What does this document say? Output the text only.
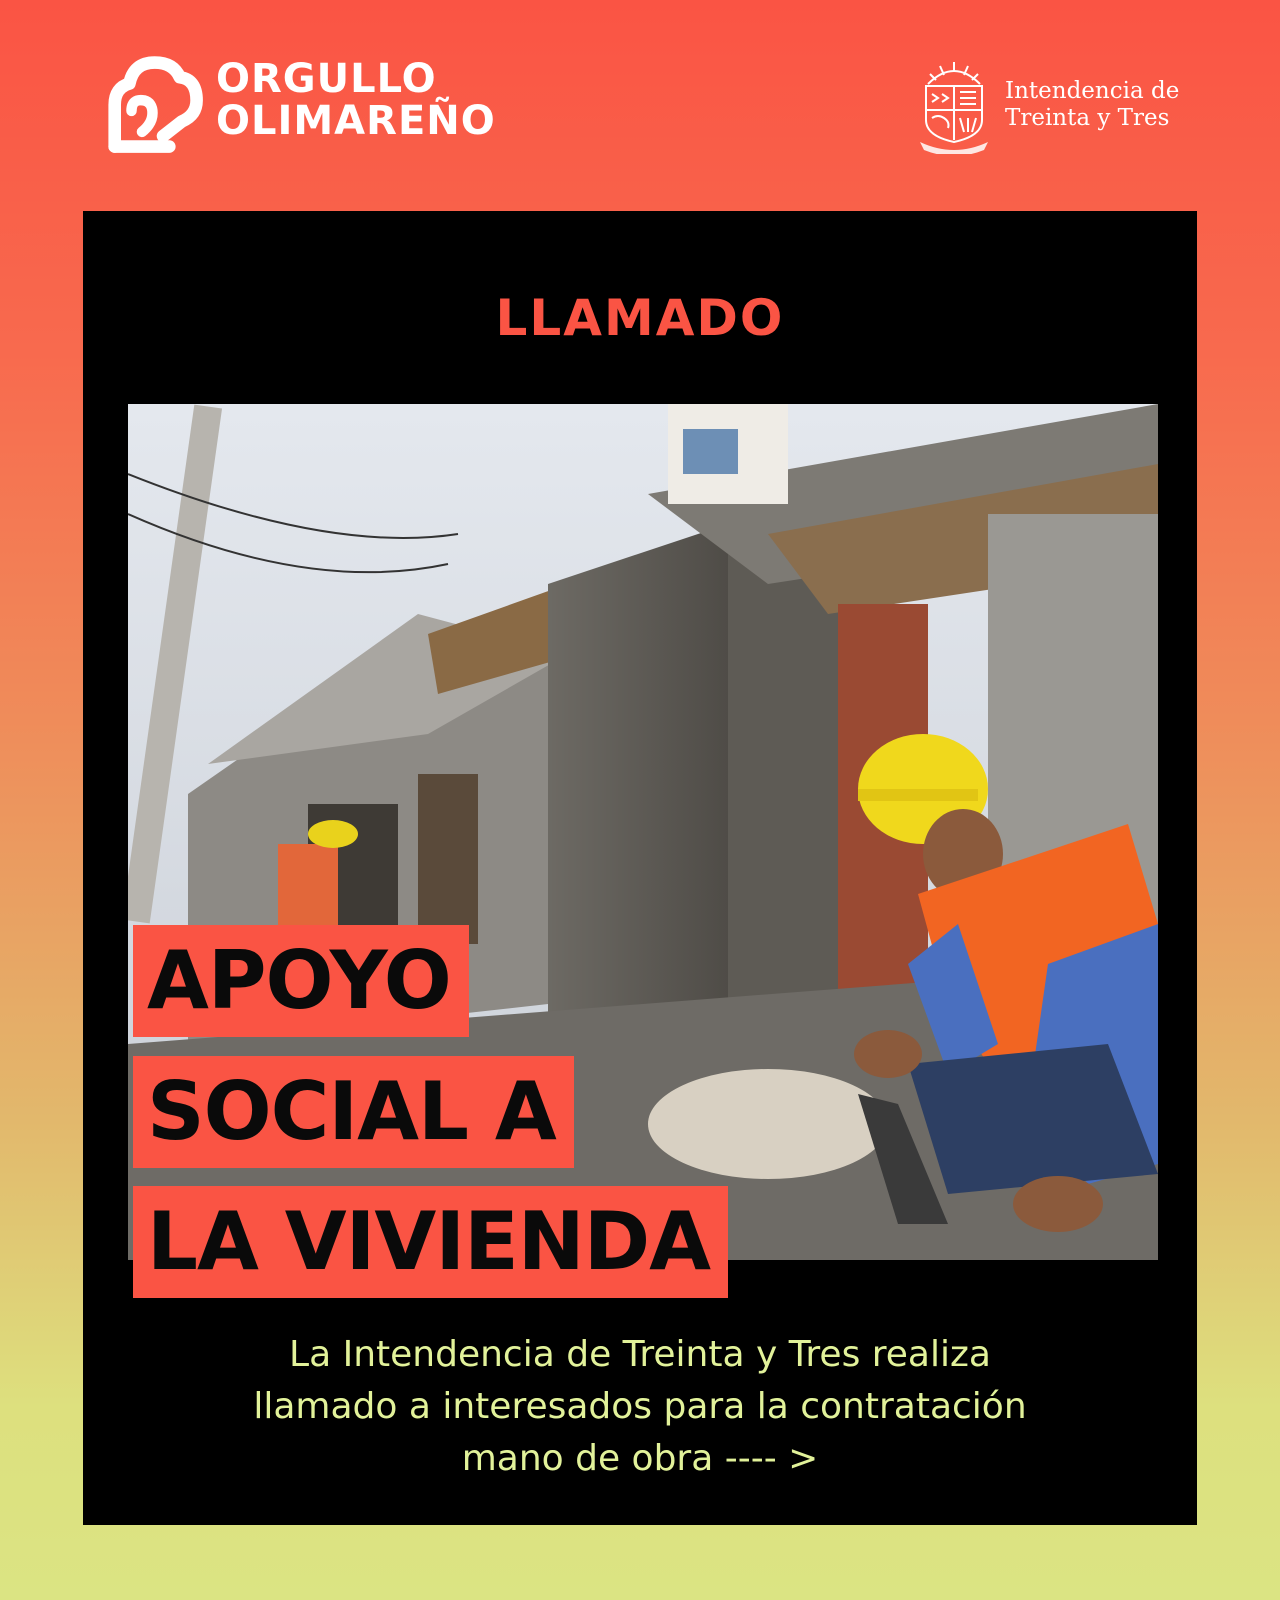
ORGULLO
OLIMAREÑO
Intendencia de
Treinta y Tres
LLAMADO
APOYO
SOCIAL A
LA VIVIENDA
La Intendencia de Treinta y Tres realiza
llamado a interesados para la contratación
mano de obra ---- >
